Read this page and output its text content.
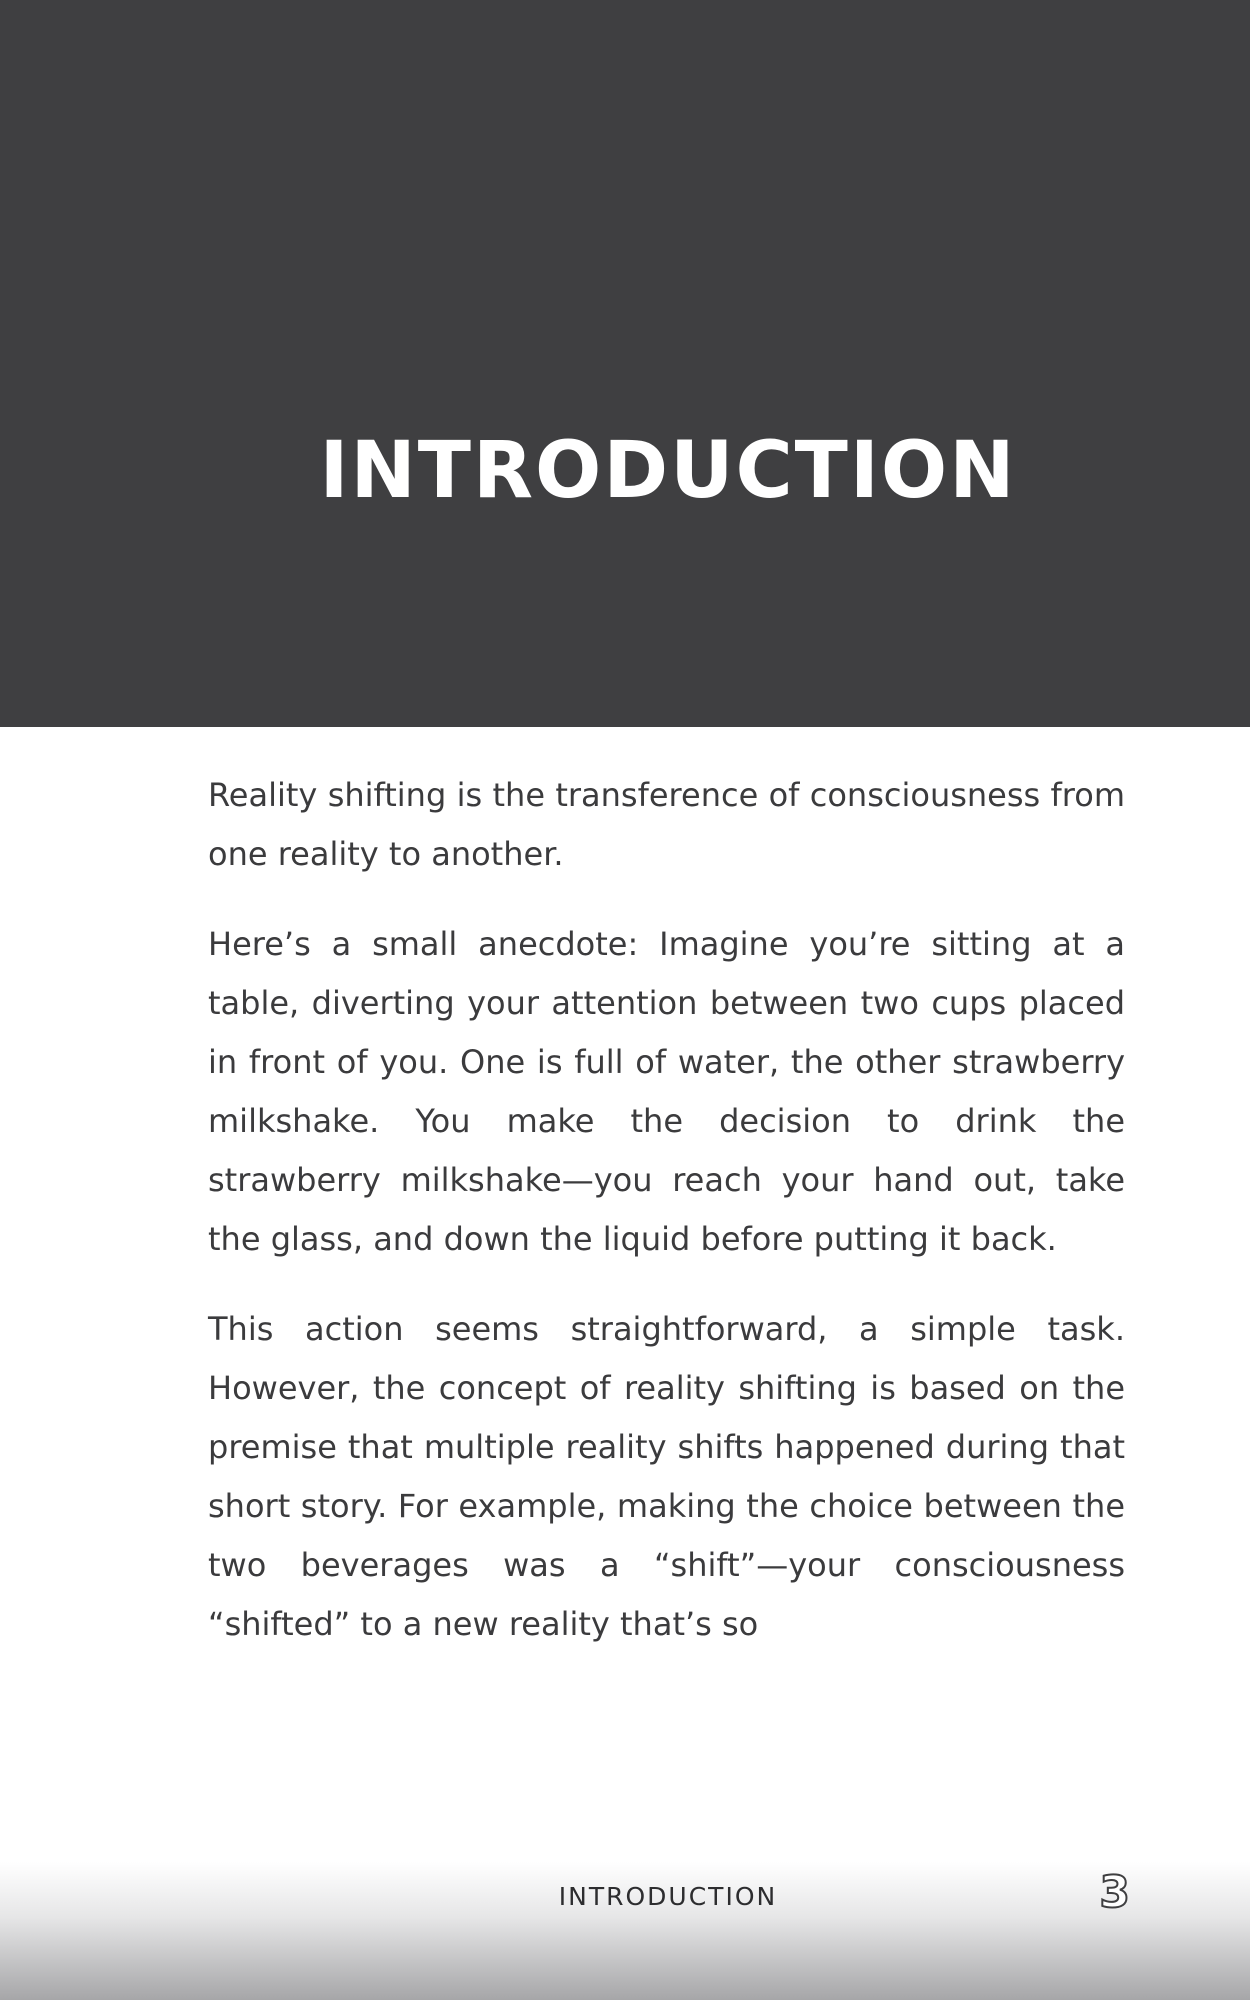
INTRODUCTION

Reality shifting is the transference of consciousness from one reality to another.

Here’s a small anecdote: Imagine you’re sitting at a table, diverting your attention between two cups placed in front of you. One is full of water, the other strawberry milkshake. You make the decision to drink the strawberry milkshake—you reach your hand out, take the glass, and down the liquid before putting it back.

This action seems straightforward, a simple task. However, the concept of reality shifting is based on the premise that multiple reality shifts happened during that short story. For example, making the choice between the two beverages was a “shift”—your consciousness “shifted” to a new reality that’s so

INTRODUCTION	3
